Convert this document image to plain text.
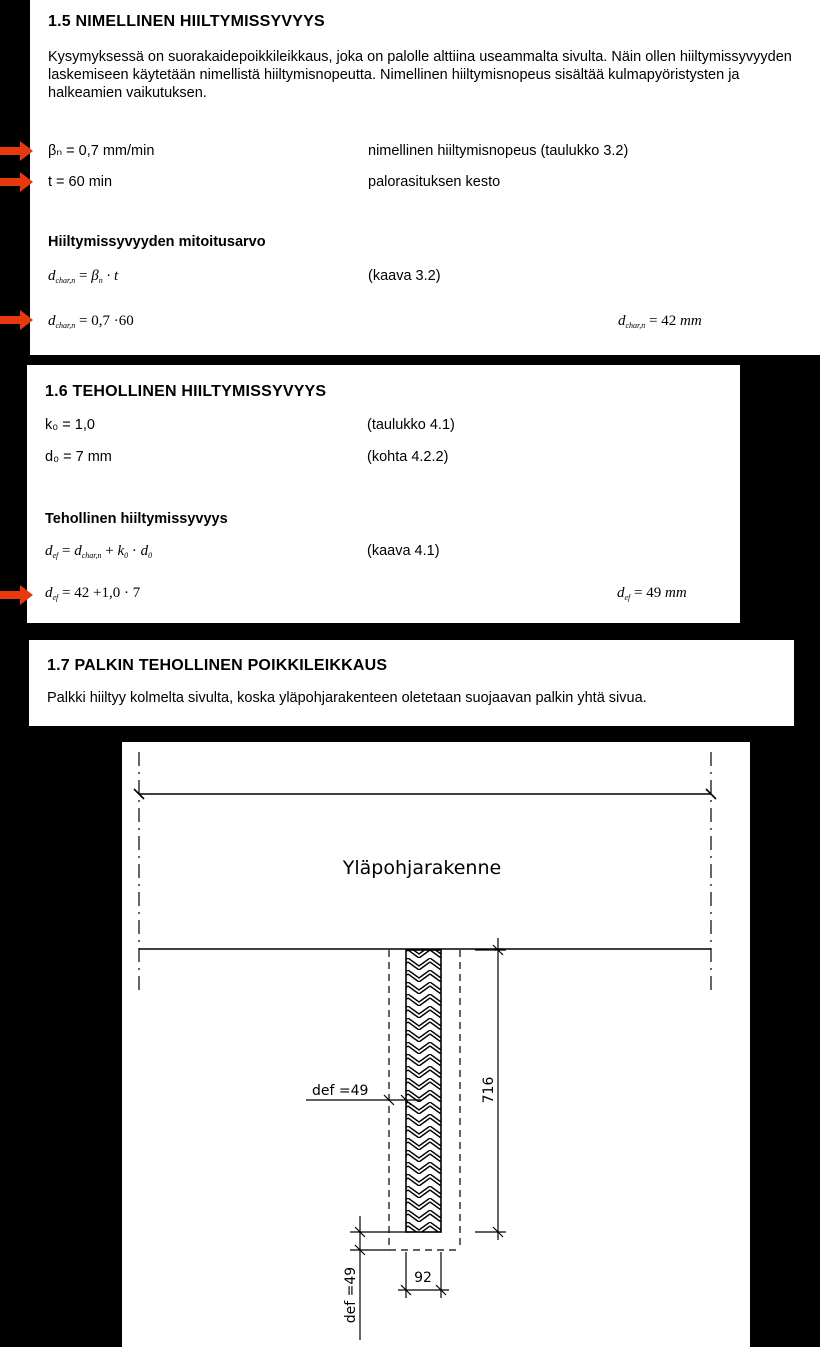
1.5 NIMELLINEN HIILTYMISSYVYYS
Kysymyksessä on suorakaidepoikkileikkaus, joka on palolle alttiina useammalta sivulta. Näin ollen hiiltymissyvyyden laskemiseen käytetään nimellistä hiiltymisnopeutta. Nimellinen hiiltymisnopeus sisältää kulmapyöristysten ja halkeamien vaikutuksen.
βₙ = 0,7 mm/min	nimellinen hiiltymisnopeus (taulukko 3.2)
t = 60 min	palorasituksen kesto
Hiiltymissyvyyden mitoitusarvo
$d_{char,n} = \beta_n \cdot t$	(kaava 3.2)
$d_{char,n} = 0,7 \cdot 60$	$d_{char,n} = 42$ mm
1.6 TEHOLLINEN HIILTYMISSYVYYS
k₀ = 1,0	(taulukko 4.1)
d₀ = 7 mm	(kohta 4.2.2)
Tehollinen hiiltymissyvyys
$d_{ef} = d_{char,n} + k_0 \cdot d_0$	(kaava 4.1)
$d_{ef} = 42 +1,0 \cdot 7$	$d_{ef} = 49$ mm
1.7 PALKIN TEHOLLINEN POIKKILEIKKAUS
Palkki hiiltyy kolmelta sivulta, koska yläpohjarakenteen oletetaan suojaavan palkin yhtä sivua.
Yläpohjarakenne
716
def =49
def =49	92
